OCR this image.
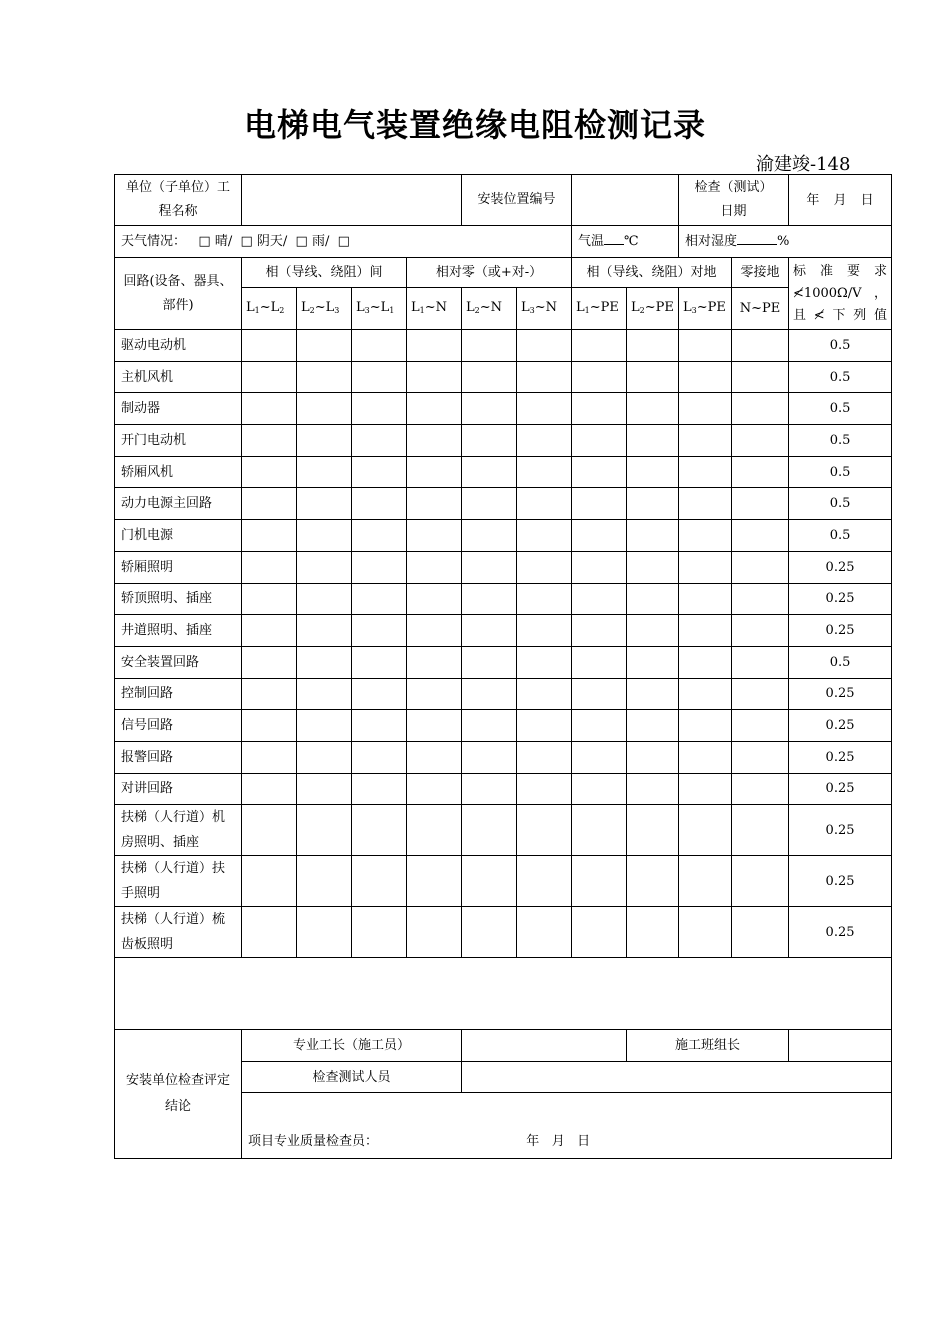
电梯电气装置绝缘电阻检测记录
渝建竣-148
单位（子单位）工程名称					安装位置编号				检查（测试）日期		年 月 日
天气情况： □ 晴/ □ 阴天/ □ 雨/ □							气温 ℃		相对湿度 %		
回路(设备、器具、部件)	相（导线、绕阻）间			相对零（或+对-）			相（导线、绕阻）对地			零接地	标 准 要 求 ≮1000Ω/V，且≮下列值
	$L_1\sim L_2$	$L_2\sim L_3$	$L_3\sim L_1$	$L_1\sim N$	$L_2\sim N$	$L_3\sim N$	$L_1\sim PE$	$L_2\sim PE$	$L_3\sim PE$	N~PE	
驱动电动机											0.5
主机风机											0.5
制动器											0.5
开门电动机											0.5
轿厢风机											0.5
动力电源主回路											0.5
门机电源											0.5
轿厢照明											0.25
轿顶照明、插座											0.25
井道照明、插座											0.25
安全装置回路											0.5
控制回路											0.25
信号回路											0.25
报警回路											0.25
对讲回路											0.25
扶梯（人行道）机房照明、插座											0.25
扶梯（人行道）扶手照明											0.25
扶梯（人行道）梳齿板照明											0.25

安装单位检查评定结论	专业工长（施工员）							施工班组长			
	检查测试人员										
	项目专业质量检查员： 年   月   日										
